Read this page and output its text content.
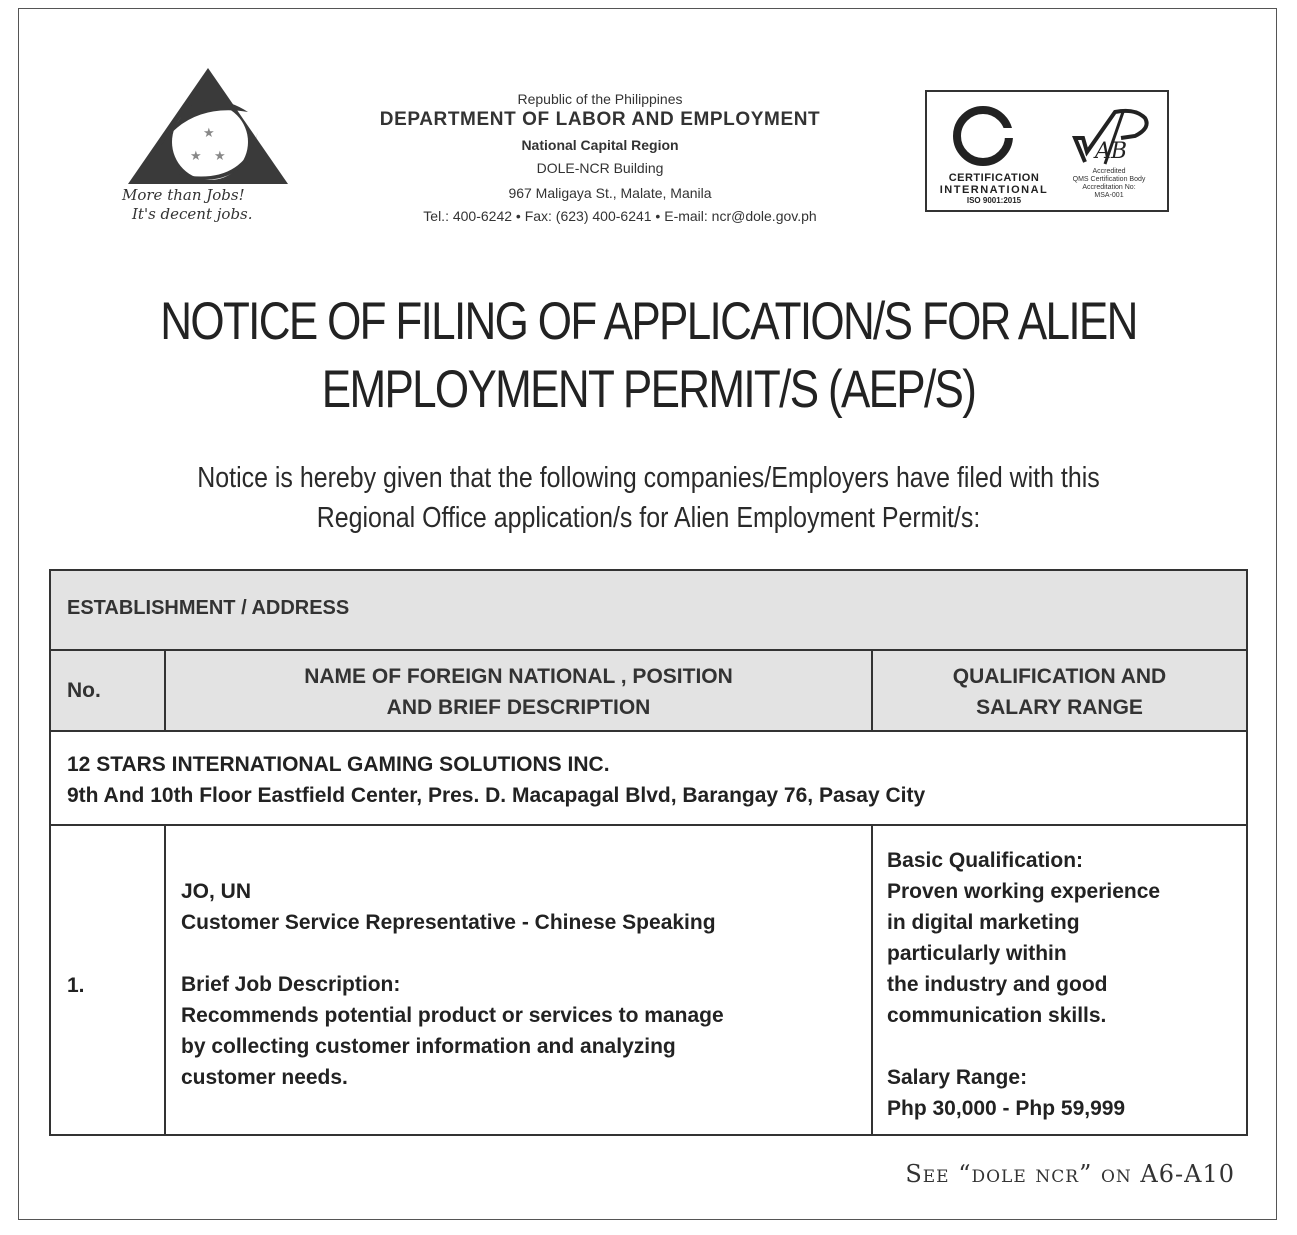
★
★ ★
More than Jobs!
It's decent jobs.
Republic of the Philippines
DEPARTMENT OF LABOR AND EMPLOYMENT
National Capital Region
DOLE-NCR Building
967 Maligaya St., Malate, Manila
Tel.: 400-6242 • Fax: (623) 400-6241 • E-mail: ncr@dole.gov.ph
CERTIFICATION
INTERNATIONAL
ISO 9001:2015
AB
Accredited
QMS Certification Body
Accreditation No:
MSA-001
NOTICE OF FILING OF APPLICATION/S FOR ALIEN
EMPLOYMENT PERMIT/S (AEP/S)
Notice is hereby given that the following companies/Employers have filed with this
Regional Office application/s for Alien Employment Permit/s:
ESTABLISHMENT / ADDRESS
No.
NAME OF FOREIGN NATIONAL , POSITION
AND BRIEF DESCRIPTION
QUALIFICATION AND
SALARY RANGE
12 STARS INTERNATIONAL GAMING SOLUTIONS INC.
9th And 10th Floor Eastfield Center, Pres. D. Macapagal Blvd, Barangay 76, Pasay City
1.
JO, UN
Customer Service Representative - Chinese Speaking
Brief Job Description:
Recommends potential product or services to manage
by collecting customer information and analyzing
customer needs.
Basic Qualification:
Proven working experience
in digital marketing
particularly within
the industry and good
communication skills.
Salary Range:
Php 30,000 - Php 59,999
See “dole ncr” on A6-A10
